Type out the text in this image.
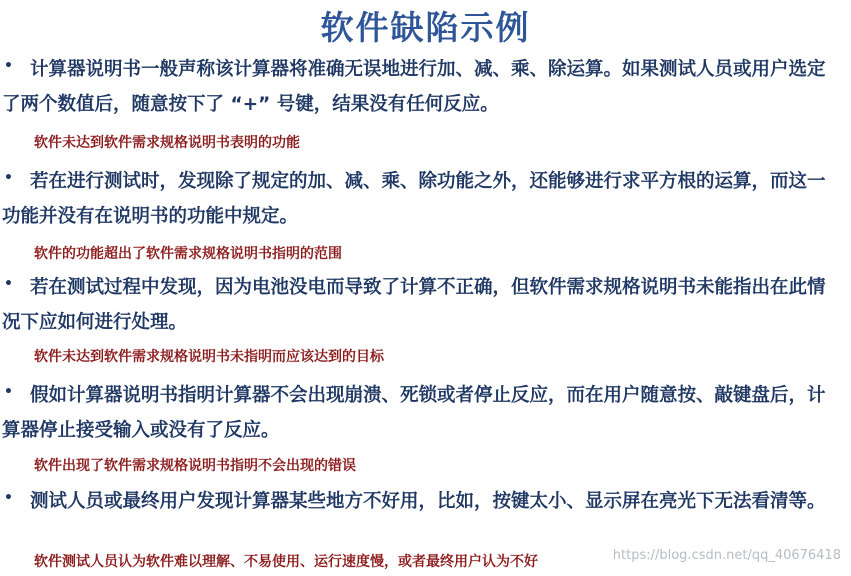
软件缺陷示例
• 计算器说明书一般声称该计算器将准确无误地进行加、减、乘、除运算。如果测试人员或用户选定了两个数值后，随意按下了 “+” 号键，结果没有任何反应。

软件未达到软件需求规格说明书表明的功能
• 若在进行测试时，发现除了规定的加、减、乘、除功能之外，还能够进行求平方根的运算，而这一功能并没有在说明书的功能中规定。

软件的功能超出了软件需求规格说明书指明的范围
• 若在测试过程中发现，因为电池没电而导致了计算不正确，但软件需求规格说明书未能指出在此情况下应如何进行处理。

软件未达到软件需求规格说明书未指明而应该达到的目标
• 假如计算器说明书指明计算器不会出现崩溃、死锁或者停止反应，而在用户随意按、敲键盘后，计算器停止接受输入或没有了反应。

软件出现了软件需求规格说明书指明不会出现的错误
• 测试人员或最终用户发现计算器某些地方不好用，比如，按键太小、显示屏在亮光下无法看清等。

软件测试人员认为软件难以理解、不易使用、运行速度慢，或者最终用户认为不好	https://blog.csdn.net/qq_40676418
